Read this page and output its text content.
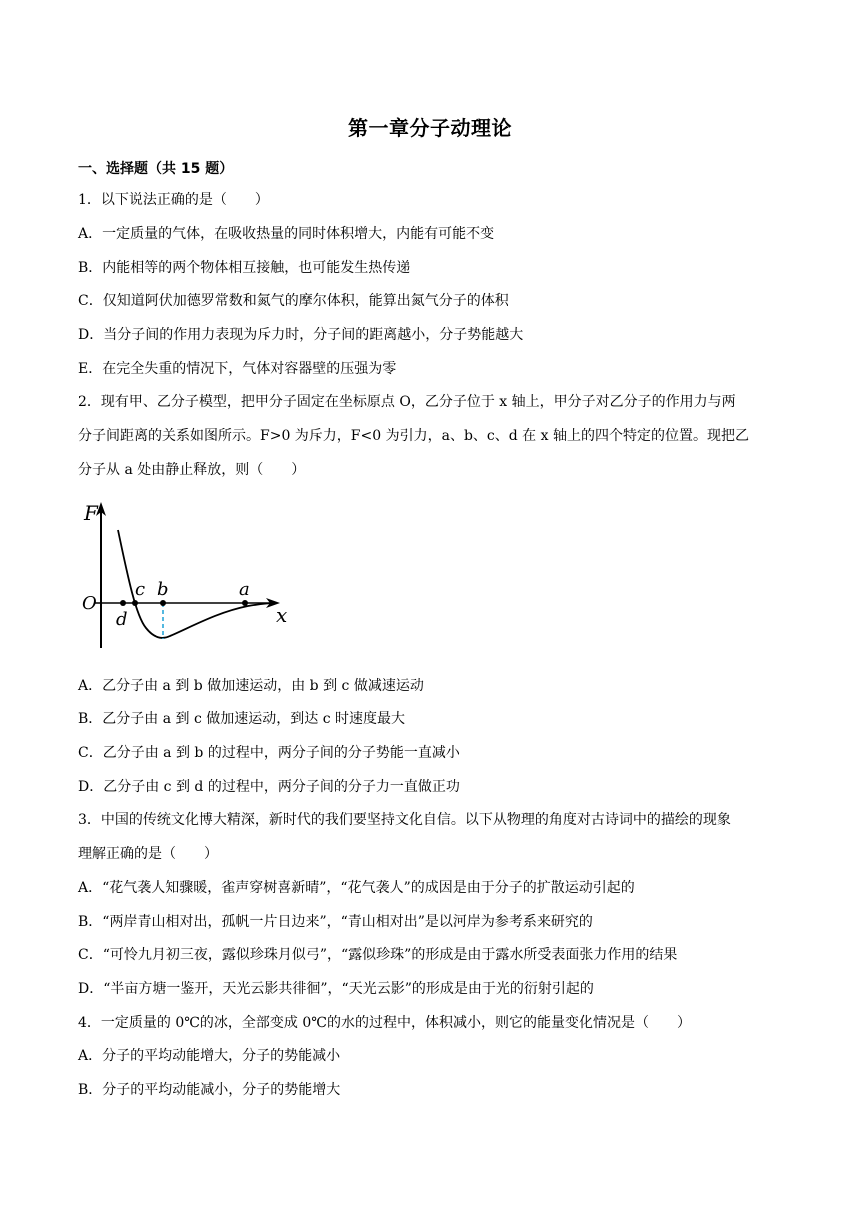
第一章分子动理论
一、选择题（共 15 题）
1．以下说法正确的是（　　）
A．一定质量的气体，在吸收热量的同时体积增大，内能有可能不变
B．内能相等的两个物体相互接触，也可能发生热传递
C．仅知道阿伏加德罗常数和氮气的摩尔体积，能算出氮气分子的体积
D．当分子间的作用力表现为斥力时，分子间的距离越小，分子势能越大
E．在完全失重的情况下，气体对容器壁的压强为零
2．现有甲、乙分子模型，把甲分子固定在坐标原点 O，乙分子位于 x 轴上，甲分子对乙分子的作用力与两
分子间距离的关系如图所示。F>0 为斥力，F<0 为引力，a、b、c、d 在 x 轴上的四个特定的位置。现把乙
分子从 a 处由静止释放，则（　　）
F
O	x
d
c b	a
A．乙分子由 a 到 b 做加速运动，由 b 到 c 做减速运动
B．乙分子由 a 到 c 做加速运动，到达 c 时速度最大
C．乙分子由 a 到 b 的过程中，两分子间的分子势能一直减小
D．乙分子由 c 到 d 的过程中，两分子间的分子力一直做正功
3．中国的传统文化博大精深，新时代的我们要坚持文化自信。以下从物理的角度对古诗词中的描绘的现象
理解正确的是（　　）
A．“花气袭人知骤暖，雀声穿树喜新晴”，“花气袭人”的成因是由于分子的扩散运动引起的
B．“两岸青山相对出，孤帆一片日边来”，“青山相对出”是以河岸为参考系来研究的
C．“可怜九月初三夜，露似珍珠月似弓”，“露似珍珠”的形成是由于露水所受表面张力作用的结果
D．“半亩方塘一鉴开，天光云影共徘徊”，“天光云影”的形成是由于光的衍射引起的
4．一定质量的 0℃的冰，全部变成 0℃的水的过程中，体积减小，则它的能量变化情况是（　　）
A．分子的平均动能增大，分子的势能减小
B．分子的平均动能减小，分子的势能增大
